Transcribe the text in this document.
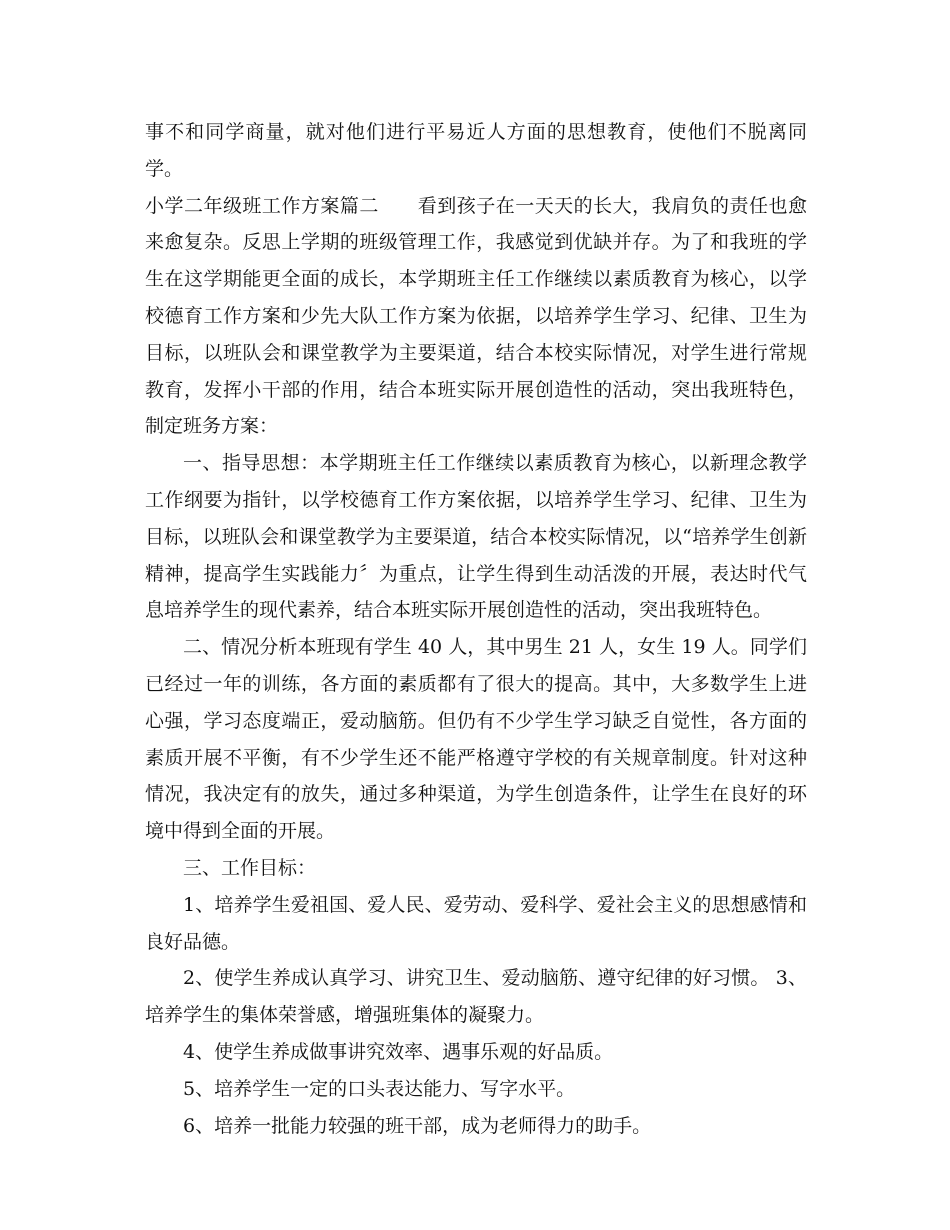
事不和同学商量，就对他们进行平易近人方面的思想教育，使他们不脱离同学。

小学二年级班工作方案篇二　　看到孩子在一天天的长大，我肩负的责任也愈来愈复杂。反思上学期的班级管理工作，我感觉到优缺并存。为了和我班的学生在这学期能更全面的成长，本学期班主任工作继续以素质教育为核心，以学校德育工作方案和少先大队工作方案为依据，以培养学生学习、纪律、卫生为目标，以班队会和课堂教学为主要渠道，结合本校实际情况，对学生进行常规教育，发挥小干部的作用，结合本班实际开展创造性的活动，突出我班特色，制定班务方案：

一、指导思想：本学期班主任工作继续以素质教育为核心，以新理念教学工作纲要为指针，以学校德育工作方案依据，以培养学生学习、纪律、卫生为目标，以班队会和课堂教学为主要渠道，结合本校实际情况，以“培养学生创新精神，提高学生实践能力〞为重点，让学生得到生动活泼的开展，表达时代气息培养学生的现代素养，结合本班实际开展创造性的活动，突出我班特色。

二、情况分析本班现有学生 40 人，其中男生 21 人，女生 19 人。同学们已经过一年的训练，各方面的素质都有了很大的提高。其中，大多数学生上进心强，学习态度端正，爱动脑筋。但仍有不少学生学习缺乏自觉性，各方面的素质开展不平衡，有不少学生还不能严格遵守学校的有关规章制度。针对这种情况，我决定有的放失，通过多种渠道，为学生创造条件，让学生在良好的环境中得到全面的开展。

三、工作目标：

1、培养学生爱祖国、爱人民、爱劳动、爱科学、爱社会主义的思想感情和良好品德。

2、使学生养成认真学习、讲究卫生、爱动脑筋、遵守纪律的好习惯。 3、培养学生的集体荣誉感，增强班集体的凝聚力。

4、使学生养成做事讲究效率、遇事乐观的好品质。

5、培养学生一定的口头表达能力、写字水平。

6、培养一批能力较强的班干部，成为老师得力的助手。
